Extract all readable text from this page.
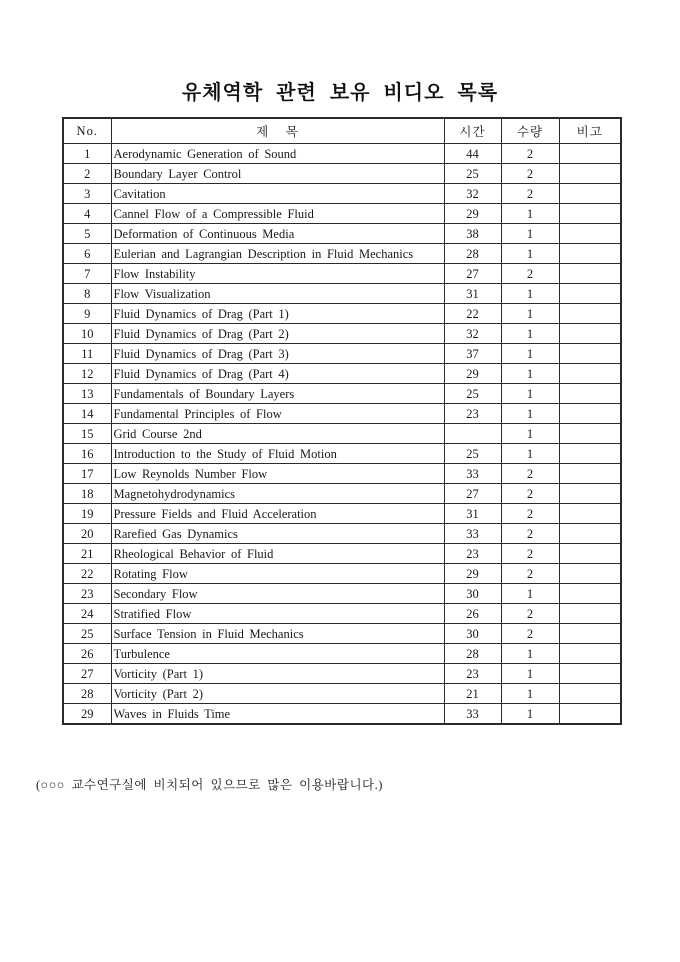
유체역학 관련 보유 비디오 목록
No.	제    목	시간	수량	비고
1	Aerodynamic Generation of Sound	44	2	
2	Boundary Layer Control	25	2	
3	Cavitation	32	2	
4	Cannel Flow of a Compressible Fluid	29	1	
5	Deformation of Continuous Media	38	1	
6	Eulerian and Lagrangian Description in Fluid Mechanics	28	1	
7	Flow Instability	27	2	
8	Flow Visualization	31	1	
9	Fluid Dynamics of Drag (Part 1)	22	1	
10	Fluid Dynamics of Drag (Part 2)	32	1	
11	Fluid Dynamics of Drag (Part 3)	37	1	
12	Fluid Dynamics of Drag (Part 4)	29	1	
13	Fundamentals of Boundary Layers	25	1	
14	Fundamental Principles of Flow	23	1	
15	Grid Course 2nd		1	
16	Introduction to the Study of Fluid Motion	25	1	
17	Low Reynolds Number Flow	33	2	
18	Magnetohydrodynamics	27	2	
19	Pressure Fields and Fluid Acceleration	31	2	
20	Rarefied Gas Dynamics	33	2	
21	Rheological Behavior of Fluid	23	2	
22	Rotating Flow	29	2	
23	Secondary Flow	30	1	
24	Stratified Flow	26	2	
25	Surface Tension in Fluid Mechanics	30	2	
26	Turbulence	28	1	
27	Vorticity (Part 1)	23	1	
28	Vorticity (Part 2)	21	1	
29	Waves in Fluids Time	33	1	
(○○○ 교수연구실에 비치되어 있으므로 많은 이용바랍니다.)
